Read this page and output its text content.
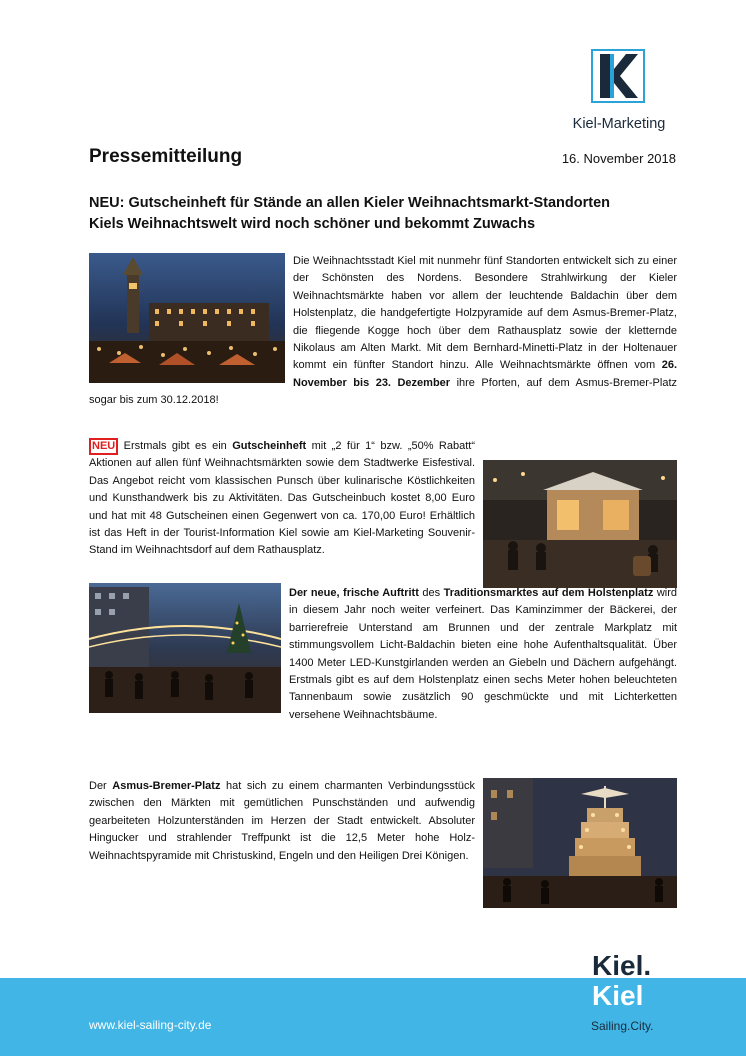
Kiel-Marketing
Pressemitteilung	16. November 2018
NEU: Gutscheinheft für Stände an allen Kieler Weihnachtsmarkt-Standorten
Kiels Weihnachtswelt wird noch schöner und bekommt Zuwachs

Die Weihnachtsstadt Kiel mit nunmehr fünf Standorten entwickelt sich zu einer der Schönsten des Nordens. Besondere Strahlwirkung der Kieler Weihnachtsmärkte haben vor allem der leuchtende Baldachin über dem Holstenplatz, die handgefertigte Holzpyramide auf dem Asmus-Bremer-Platz, die fliegende Kogge hoch über dem Rathausplatz sowie der kletternde Nikolaus am Alten Markt. Mit dem Bernhard-Minetti-Platz in der Holtenauer kommt ein fünfter Standort hinzu. Alle Weihnachtsmärkte öffnen vom 26. November bis 23. Dezember ihre Pforten, auf dem Asmus-Bremer-Platz sogar bis zum 30.12.2018!

NEU Erstmals gibt es ein Gutscheinheft mit „2 für 1“ bzw. „50% Rabatt“ Aktionen auf allen fünf Weihnachtsmärkten sowie dem Stadtwerke Eisfestival. Das Angebot reicht vom klassischen Punsch über kulinarische Köstlichkeiten und Kunsthandwerk bis zu Aktivitäten. Das Gutscheinbuch kostet 8,00 Euro und hat mit 48 Gutscheinen einen Gegenwert von ca. 170,00 Euro! Erhältlich ist das Heft in der Tourist-Information Kiel sowie am Kiel-Marketing Souvenir-Stand im Weihnachtsdorf auf dem Rathausplatz.

Der neue, frische Auftritt des Traditionsmarktes auf dem Holstenplatz wird in diesem Jahr noch weiter verfeinert. Das Kaminzimmer der Bäckerei, der barrierefreie Unterstand am Brunnen und der zentrale Markplatz mit stimmungsvollem Licht-Baldachin bieten eine hohe Aufenthaltsqualität. Über 1400 Meter LED-Kunstgirlanden werden an Giebeln und Dächern aufgehängt. Erstmals gibt es auf dem Holstenplatz einen sechs Meter hohen beleuchteten Tannenbaum sowie zusätzlich 90 geschmückte und mit Lichterketten versehene Weihnachtsbäume.

Der Asmus-Bremer-Platz hat sich zu einem charmanten Verbindungsstück zwischen den Märkten mit gemütlichen Punschständen und aufwendig gearbeiteten Holzunterständen im Herzen der Stadt entwickelt. Absoluter Hingucker und strahlender Treffpunkt ist die 12,5 Meter hohe Holz-Weihnachtspyramide mit Christuskind, Engeln und den Heiligen Drei Königen.

www.kiel-sailing-city.de
Kiel.
Kiel
Sailing.City.
